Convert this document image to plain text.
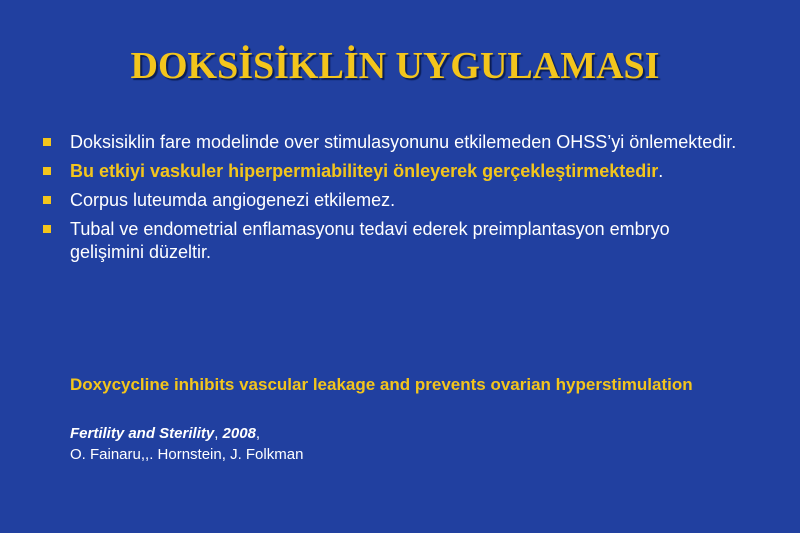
DOKSİSİKLİN UYGULAMASI
Doksisiklin fare modelinde over stimulasyonunu etkilemeden OHSS’yi önlemektedir.
Bu etkiyi vaskuler hiperpermiabiliteyi önleyerek gerçekleştirmektedir.
Corpus luteumda angiogenezi etkilemez.
Tubal ve endometrial enflamasyonu tedavi ederek preimplantasyon embryo gelişimini düzeltir.
Doxycycline inhibits vascular leakage and prevents ovarian hyperstimulation
Fertility and Sterility, 2008,
O. Fainaru,,. Hornstein, J. Folkman
